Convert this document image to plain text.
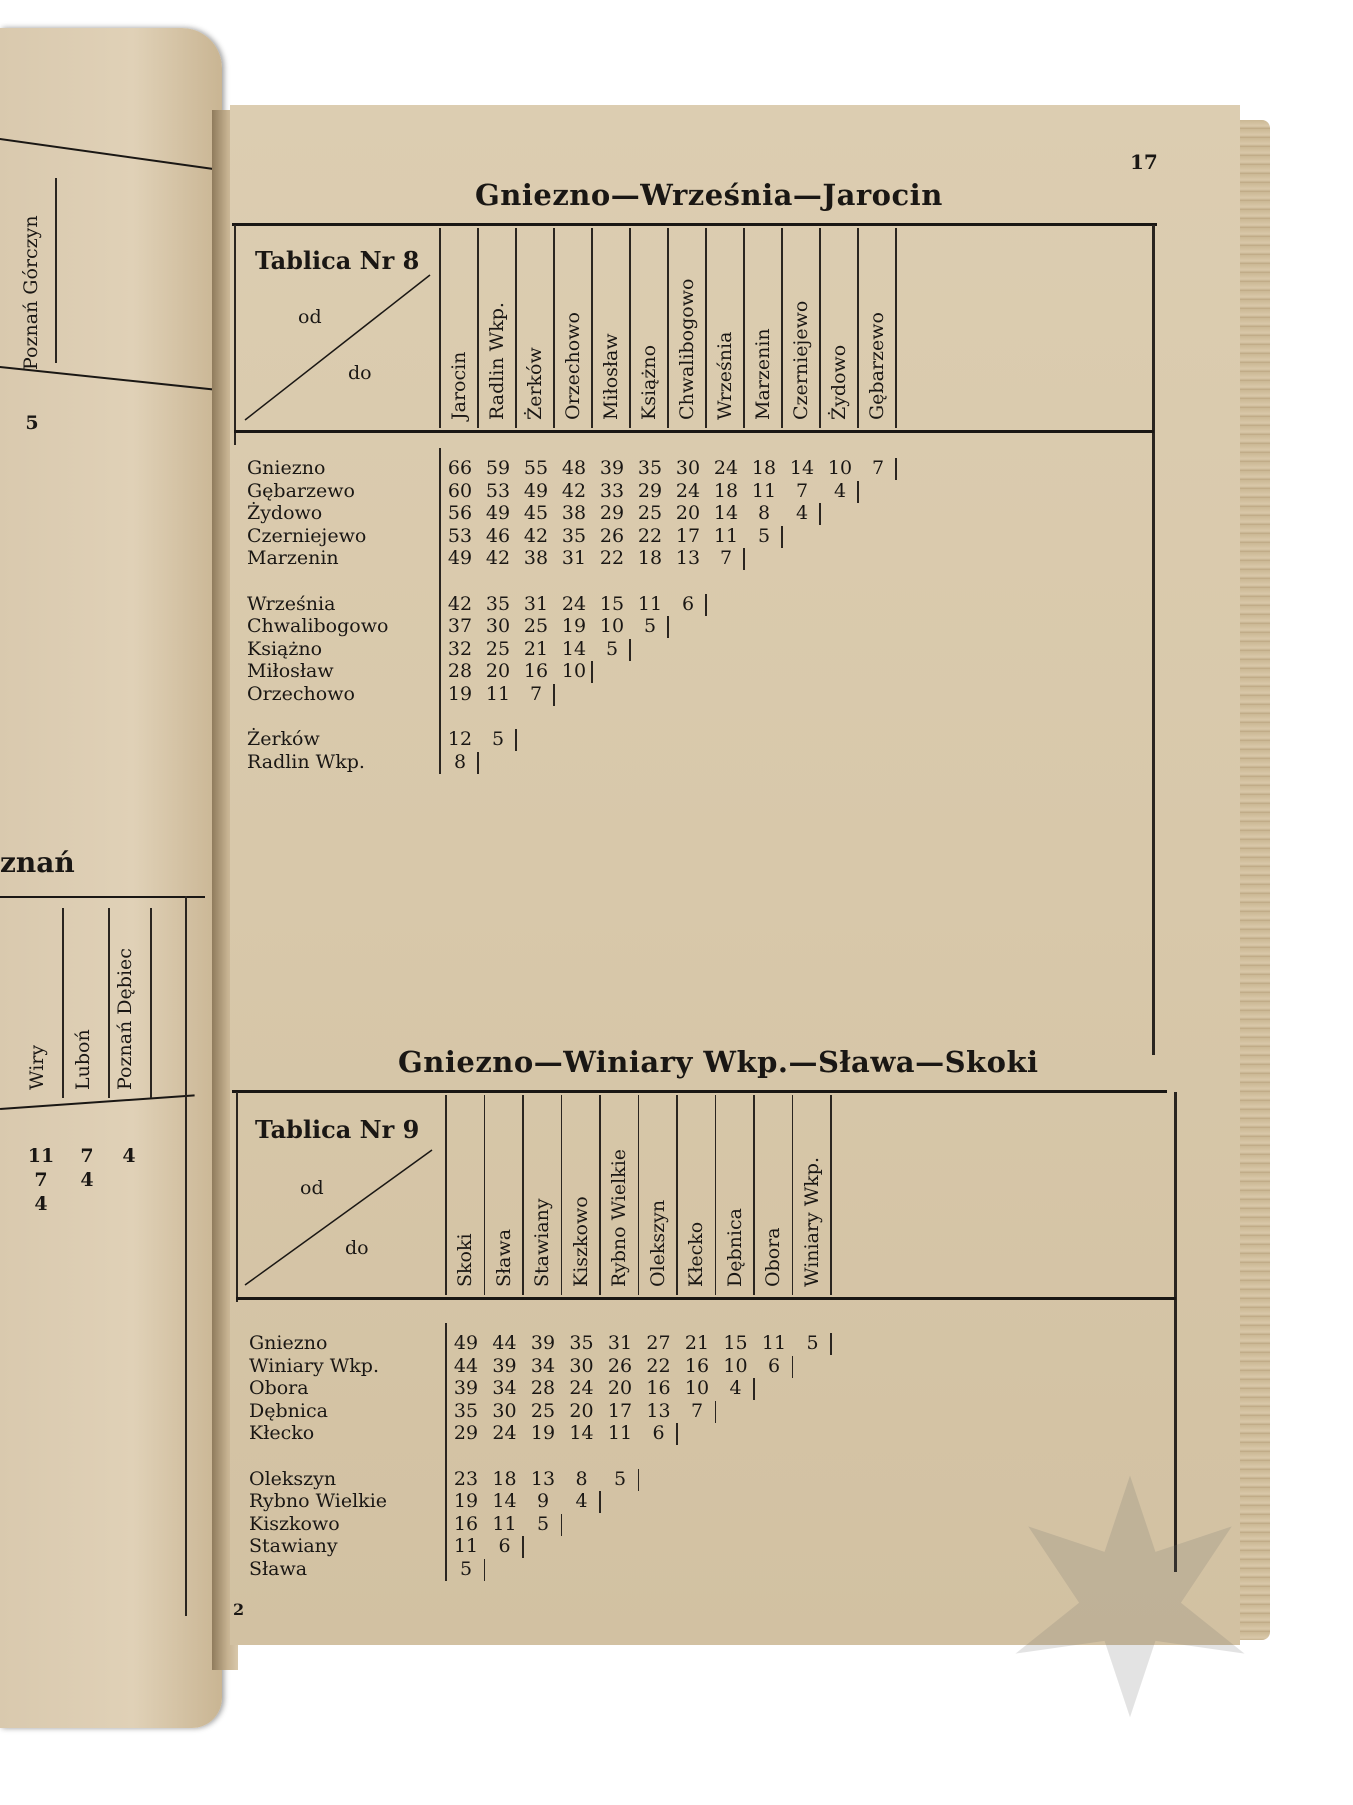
Poznań Górczyn
5
znań
Wiry Luboń Poznań Dębiec
11	7	4
7	4
4
17
Gniezno—Września—Jarocin
Tablica Nr 8
od
do	Jarocin Radlin Wkp. Żerków Orzechowo Miłosław Książno Chwalibogowo Września Marzenin Czerniejewo Żydowo Gębarzewo
Gniezno	66 59 55 48 39 35 30 24 18 14 10	7
Gębarzewo	60 53 49 42 33 29 24 18 11	7	4
Żydowo	56 49 45 38 29 25 20 14	8	4
Czerniejewo	53 46 42 35 26 22 17 11	5
Marzenin	49 42 38 31 22 18 13	7
Września	42 35 31 24 15 11	6
Chwalibogowo	37 30 25 19 10	5
Książno	32 25 21 14	5
Miłosław	28 20 16 10
Orzechowo	19 11	7
Żerków	12	5
Radlin Wkp.	8
Gniezno—Winiary Wkp.—Sława—Skoki
Tablica Nr 9
od
do	Skoki Sława Stawiany Kiszkowo Rybno Wielkie Olekszyn Kłecko Dębnica Obora Winiary Wkp.
Gniezno	49 44 39 35 31 27 21 15 11	5
Winiary Wkp.	44 39 34 30 26 22 16 10	6
Obora	39 34 28 24 20 16 10	4
Dębnica	35 30 25 20 17 13	7
Kłecko	29 24 19 14 11	6
Olekszyn	23 18 13	8	5
Rybno Wielkie	19 14	9	4
Kiszkowo	16 11	5
Stawiany	11	6
Sława	5
2
